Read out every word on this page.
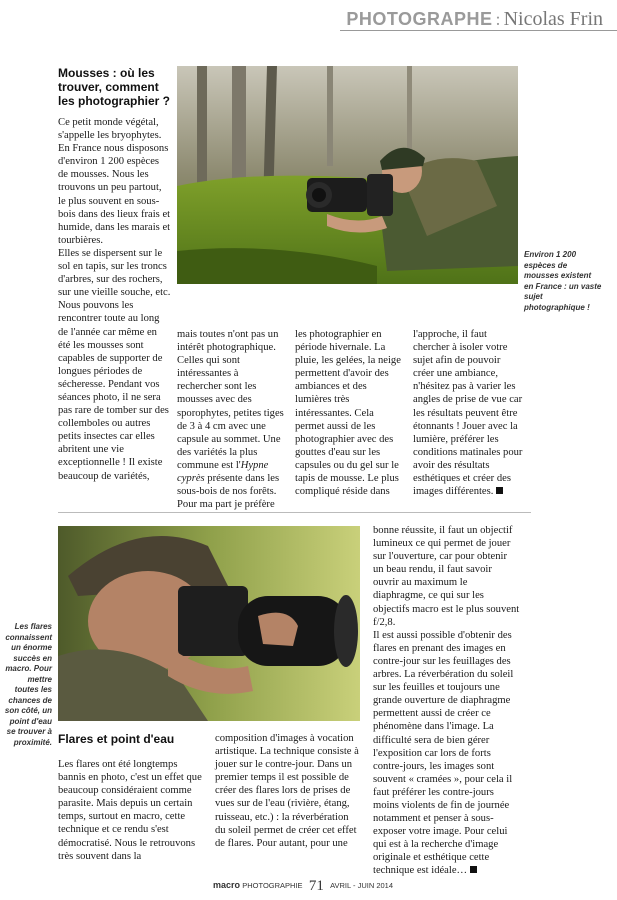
PHOTOGRAPHE : Nicolas Frin
Mousses : où les trouver, comment les photographier ?
Environ 1 200 espèces de mousses existent en France : un vaste sujet photographique !

Ce petit monde végétal, s'appelle les bryophytes. En France nous disposons d'environ 1 200 espèces de mousses. Nous les trouvons un peu partout, le plus souvent en sous-bois dans des lieux frais et humide, dans les marais et tourbières.

Elles se dispersent sur le sol en tapis, sur les troncs d'arbres, sur des rochers, sur une vieille souche, etc. Nous pouvons les rencontrer toute au long de l'année car même en été les mousses sont capables de supporter de longues périodes de sécheresse. Pendant vos séances photo, il ne sera pas rare de tomber sur des collemboles ou autres petits insectes car elles abritent une vie exceptionnelle ! Il existe beaucoup de variétés,

mais toutes n'ont pas un intérêt photographique. Celles qui sont intéressantes à rechercher sont les mousses avec des sporophytes, petites tiges de 3 à 4 cm avec une capsule au sommet. Une des variétés la plus commune est l'Hypne cyprès présente dans les sous-bois de nos forêts.

Pour ma part je préfère

les photographier en période hivernale. La pluie, les gelées, la neige permettent d'avoir des ambiances et des lumières très intéressantes. Cela permet aussi de les photographier avec des gouttes d'eau sur les capsules ou du gel sur le tapis de mousse. Le plus compliqué réside dans

l'approche, il faut chercher à isoler votre sujet afin de pouvoir créer une ambiance, n'hésitez pas à varier les angles de prise de vue car les résultats peuvent être étonnants ! Jouer avec la lumière, préférer les conditions matinales pour avoir des résultats esthétiques et créer des images différentes.

Les flares connaissent un énorme succès en macro. Pour mettre toutes les chances de son côté, un point d'eau se trouver à proximité. Flares et point d'eau

Les flares ont été longtemps bannis en photo, c'est un effet que beaucoup considéraient comme parasite. Mais depuis un certain temps, surtout en macro, cette technique et ce rendu s'est démocratisé. Nous le retrouvons très souvent dans la

composition d'images à vocation artistique. La technique consiste à jouer sur le contre-jour. Dans un premier temps il est possible de créer des flares lors de prises de vues sur de l'eau (rivière, étang, ruisseau, etc.) : la réverbération du soleil permet de créer cet effet de flares. Pour autant, pour une

bonne réussite, il faut un objectif lumineux ce qui permet de jouer sur l'ouverture, car pour obtenir un beau rendu, il faut savoir ouvrir au maximum le diaphragme, ce qui sur les objectifs macro est le plus souvent f/2,8.

Il est aussi possible d'obtenir des flares en prenant des images en contre-jour sur les feuillages des arbres. La réverbération du soleil sur les feuilles et toujours une grande ouverture de diaphragme permettent aussi de créer ce phénomène dans l'image. La difficulté sera de bien gérer l'exposition car lors de forts contre-jours, les images sont souvent « cramées », pour cela il faut préférer les contre-jours moins violents de fin de journée notamment et penser à sous-exposer votre image. Pour celui qui est à la recherche d'image originale et esthétique cette technique est idéale…

macro PHOTOGRAPHIE 71 AVRIL - JUIN 2014
